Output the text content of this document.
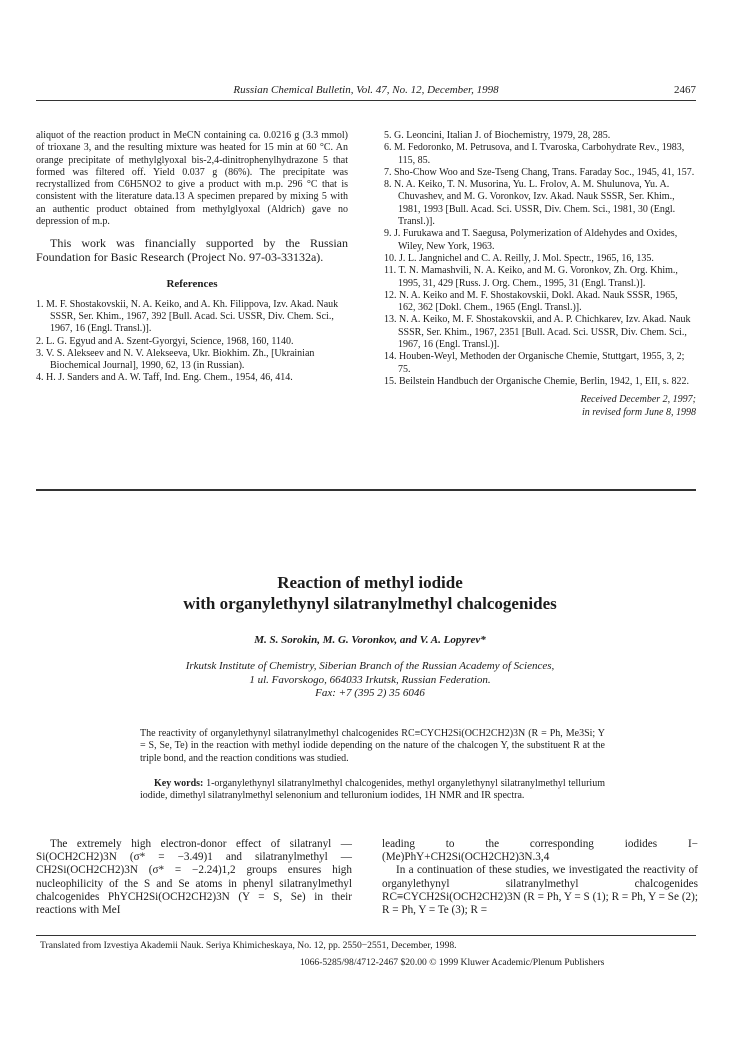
Russian Chemical Bulletin, Vol. 47, No. 12, December, 1998	2467

aliquot of the reaction product in MeCN containing ca. 0.0216 g (3.3 mmol) of trioxane 3, and the resulting mixture was heated for 15 min at 60 °C. An orange precipitate of methylglyoxal bis-2,4-dinitrophenylhydrazone 5 that formed was filtered off. Yield 0.037 g (86%). The precipitate was recrystallized from C6H5NO2 to give a product with m.p. 296 °C that is consistent with the literature data.13 A specimen prepared by mixing 5 with an authentic product obtained from methylglyoxal (Aldrich) gave no depression of m.p.

This work was financially supported by the Russian Foundation for Basic Research (Project No. 97-03-33132a).

References

1. M. F. Shostakovskii, N. A. Keiko, and A. Kh. Filippova, Izv. Akad. Nauk SSSR, Ser. Khim., 1967, 392 [Bull. Acad. Sci. USSR, Div. Chem. Sci., 1967, 16 (Engl. Transl.)].

2. L. G. Egyud and A. Szent-Gyorgyi, Science, 1968, 160, 1140.

3. V. S. Alekseev and N. V. Alekseeva, Ukr. Biokhim. Zh., [Ukrainian Biochemical Journal], 1990, 62, 13 (in Russian).

4. H. J. Sanders and A. W. Taff, Ind. Eng. Chem., 1954, 46, 414.

5. G. Leoncini, Italian J. of Biochemistry, 1979, 28, 285.

6. M. Fedoronko, M. Petrusova, and I. Tvaroska, Carbohydrate Rev., 1983, 115, 85.

7. Sho-Chow Woo and Sze-Tseng Chang, Trans. Faraday Soc., 1945, 41, 157.

8. N. A. Keiko, T. N. Musorina, Yu. L. Frolov, A. M. Shulunova, Yu. A. Chuvashev, and M. G. Voronkov, Izv. Akad. Nauk SSSR, Ser. Khim., 1981, 1993 [Bull. Acad. Sci. USSR, Div. Chem. Sci., 1981, 30 (Engl. Transl.)].

9. J. Furukawa and T. Saegusa, Polymerization of Aldehydes and Oxides, Wiley, New York, 1963.

10. J. L. Jangnichel and C. A. Reilly, J. Mol. Spectr., 1965, 16, 135.

11. T. N. Mamashvili, N. A. Keiko, and M. G. Voronkov, Zh. Org. Khim., 1995, 31, 429 [Russ. J. Org. Chem., 1995, 31 (Engl. Transl.)].

12. N. A. Keiko and M. F. Shostakovskii, Dokl. Akad. Nauk SSSR, 1965, 162, 362 [Dokl. Chem., 1965 (Engl. Transl.)].

13. N. A. Keiko, M. F. Shostakovskii, and A. P. Chichkarev, Izv. Akad. Nauk SSSR, Ser. Khim., 1967, 2351 [Bull. Acad. Sci. USSR, Div. Chem. Sci., 1967, 16 (Engl. Transl.)].

14. Houben-Weyl, Methoden der Organische Chemie, Stuttgart, 1955, 3, 2; 75.

15. Beilstein Handbuch der Organische Chemie, Berlin, 1942, 1, EII, s. 822.

Received December 2, 1997;

in revised form June 8, 1998

Reaction of methyl iodide
with organylethynyl silatranylmethyl chalcogenides
M. S. Sorokin, M. G. Voronkov, and V. A. Lopyrev*
Irkutsk Institute of Chemistry, Siberian Branch of the Russian Academy of Sciences,
1 ul. Favorskogo, 664033 Irkutsk, Russian Federation.
Fax: +7 (395 2) 35 6046
The reactivity of organylethynyl silatranylmethyl chalcogenides RC≡CYCH2Si(OCH2CH2)3N (R = Ph, Me3Si; Y = S, Se, Te) in the reaction with methyl iodide depending on the nature of the chalcogen Y, the substituent R at the triple bond, and the reaction conditions was studied.
Key words: 1-organylethynyl silatranylmethyl chalcogenides, methyl organylethynyl silatranylmethyl tellurium iodide, dimethyl silatranylmethyl selenonium and telluronium iodides, 1H NMR and IR spectra.

The extremely high electron-donor effect of silatranyl —Si(OCH2CH2)3N (σ* = −3.49)1 and silatranylmethyl —CH2Si(OCH2CH2)3N (σ* = −2.24)1,2 groups ensures high nucleophilicity of the S and Se atoms in phenyl silatranylmethyl chalcogenides PhYCH2Si(OCH2CH2)3N (Y = S, Se) in their reactions with MeI

leading to the corresponding iodides I−(Me)PhY+CH2Si(OCH2CH2)3N.3,4

In a continuation of these studies, we investigated the reactivity of organylethynyl silatranylmethyl chalcogenides RC≡CYCH2Si(OCH2CH2)3N (R = Ph, Y = S (1); R = Ph, Y = Se (2); R = Ph, Y = Te (3); R =

Translated from Izvestiya Akademii Nauk. Seriya Khimicheskaya, No. 12, pp. 2550−2551, December, 1998.
1066-5285/98/4712-2467 $20.00 © 1999 Kluwer Academic/Plenum Publishers
